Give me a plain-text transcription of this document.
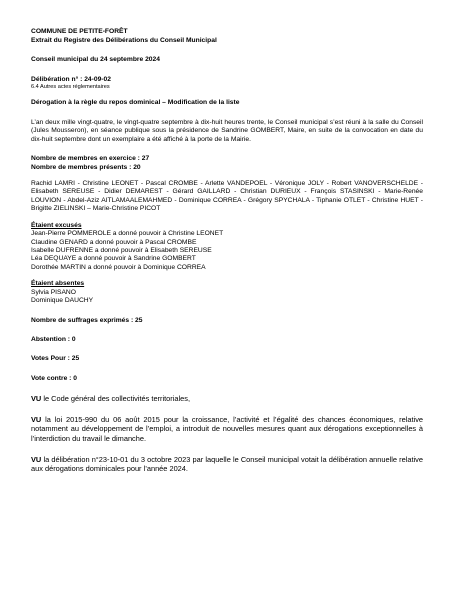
COMMUNE DE PETITE-FORÊT
Extrait du Registre des Délibérations du Conseil Municipal
Conseil municipal du 24 septembre 2024
Délibération n° : 24-09-02
6.4 Autres actes réglementaires
Dérogation à la règle du repos dominical – Modification de la liste
L’an deux mille vingt-quatre, le vingt-quatre septembre à dix-huit heures trente, le Conseil municipal s’est réuni à la salle du Conseil (Jules Mousseron), en séance publique sous la présidence de Sandrine GOMBERT, Maire, en suite de la convocation en date du dix-huit septembre dont un exemplaire a été affiché à la porte de la Mairie.
Nombre de membres en exercice : 27
Nombre de membres présents : 20
Rachid LAMRI - Christine LEONET - Pascal CROMBE - Arlette VANDEPOEL - Véronique JOLY - Robert VANOVERSCHELDE - Elisabeth SEREUSE - Didier DEMAREST - Gérard GAILLARD - Christian DURIEUX - François STASINSKI - Marie-Renée LOUVION - Abdel-Aziz AITLAMAALEMAHMED - Dominique CORREA - Grégory SPYCHALA - Tiphanie OTLET - Christine HUET - Brigitte ZIELINSKI – Marie-Christine PICOT
Étaient excusés
Jean-Pierre POMMEROLE a donné pouvoir à Christine LEONET
Claudine GENARD a donné pouvoir à Pascal CROMBE
Isabelle DUFRENNE a donné pouvoir à Elisabeth SEREUSE
Léa DEQUAYE a donné pouvoir à Sandrine GOMBERT
Dorothée MARTIN a donné pouvoir à Dominique CORREA
Étaient absentes
Sylvia PISANO
Dominique DAUCHY
Nombre de suffrages exprimés : 25
Abstention : 0
Votes Pour : 25
Vote contre : 0
VU le Code général des collectivités territoriales,
VU la loi 2015-990 du 06 août 2015 pour la croissance, l’activité et l’égalité des chances économiques, relative notamment au développement de l’emploi, a introduit de nouvelles mesures quant aux dérogations exceptionnelles à l’interdiction du travail le dimanche.
VU la délibération n°23-10-01 du 3 octobre 2023 par laquelle le Conseil municipal votait la délibération annuelle relative aux dérogations dominicales pour l’année 2024.
